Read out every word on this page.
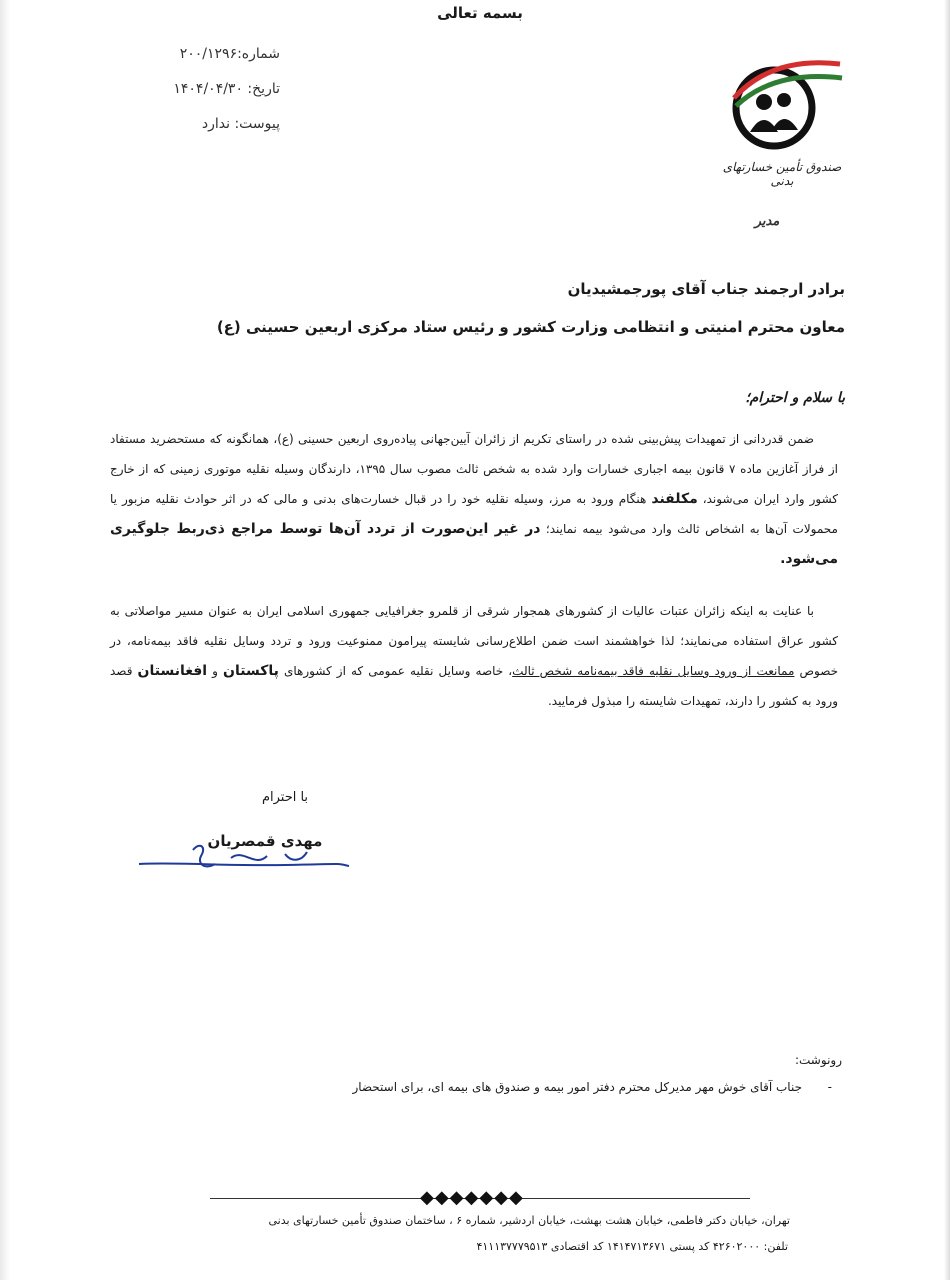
بسمه تعالی
شماره:۲۰۰/۱۲۹۶
تاریخ: ۱۴۰۴/۰۴/۳۰
پیوست: ندارد
صندوق تأمین خسارتهای بدنی
مدیر
برادر ارجمند جناب آقای پورجمشیدیان
معاون محترم امنیتی و انتظامی وزارت کشور و رئیس ستاد مرکزی اربعین حسینی (ع)
با سلام و احترام؛
ضمن قدردانی از تمهیدات پیش‌بینی شده در راستای تکریم از زائران آیین‌جهانی پیاده‌روی اربعین حسینی (ع)، همانگونه که مستحضرید مستفاد از فراز آغازین ماده ۷ قانون بیمه اجباری خسارات وارد شده به شخص ثالث مصوب سال ۱۳۹۵، دارندگان وسیله نقلیه موتوری زمینی که از خارج کشور وارد ایران می‌شوند، مکلفند هنگام ورود به مرز، وسیله نقلیه خود را در قبال خسارت‌های بدنی و مالی که در اثر حوادث نقلیه مزبور یا محمولات آن‌ها به اشخاص ثالث وارد می‌شود بیمه نمایند؛ در غیر این‌صورت از تردد آن‌ها توسط مراجع ذی‌ربط جلوگیری می‌شود.
با عنایت به اینکه زائران عتبات عالیات از کشورهای همجوار شرقی از قلمرو جغرافیایی جمهوری اسلامی ایران به عنوان مسیر مواصلاتی به کشور عراق استفاده می‌نمایند؛ لذا خواهشمند است ضمن اطلاع‌رسانی شایسته پیرامون ممنوعیت ورود و تردد وسایل نقلیه فاقد بیمه‌نامه، در خصوص ممانعت از ورود وسایل نقلیه فاقد بیمه‌نامه شخص ثالث، خاصه وسایل نقلیه عمومی که از کشورهای پاکستان و افغانستان قصد ورود به کشور را دارند، تمهیدات شایسته را مبذول فرمایید.
با احترام
مهدی قمصریان
رونوشت:
-جناب آقای خوش مهر مدیرکل محترم دفتر امور بیمه و صندوق های بیمه ای، برای استحضار
◆◆◆◆◆◆◆
تهران، خیابان دکتر فاطمی، خیابان هشت بهشت، خیابان اردشیر، شماره ۶ ، ساختمان صندوق تأمین خسارتهای بدنی
تلفن: ۴۲۶۰۲۰۰۰ کد پستی ۱۴۱۴۷۱۳۶۷۱ کد اقتصادی ۴۱۱۱۳۷۷۷۹۵۱۳
